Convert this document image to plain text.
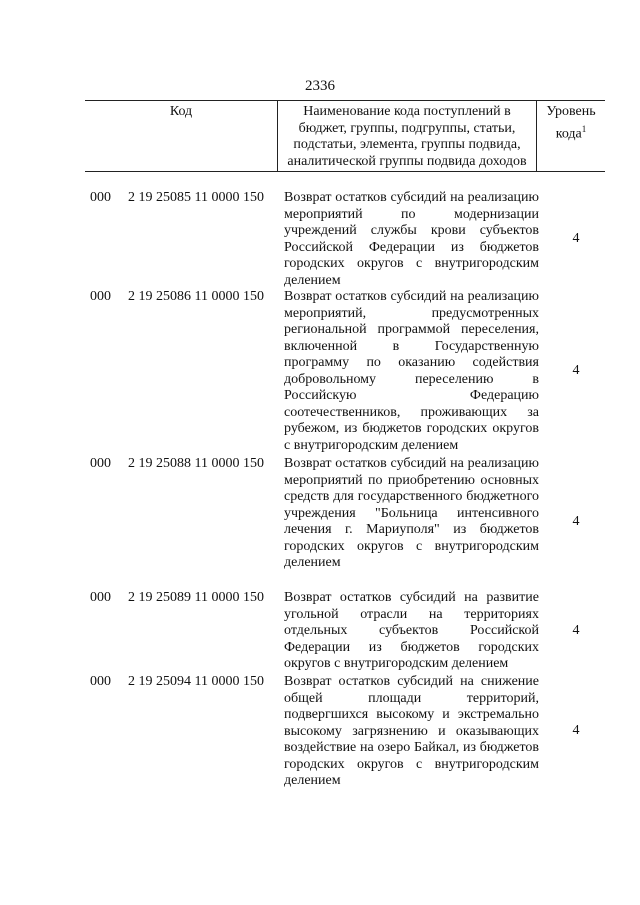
2336
Код	Наименование кода поступлений в бюджет, группы, подгруппы, статьи, подстатьи, элемента, группы подвида, аналитической группы подвида доходов
Уровень кода$^1$
000 2 19 25085 11 0000 150 Возврат остатков субсидий на реализацию мероприятий по модернизации учреждений службы крови субъектов Российской Федерации из бюджетов городских округов с внутригородским делением
4
000 2 19 25086 11 0000 150 Возврат остатков субсидий на реализацию мероприятий, предусмотренных региональной программой переселения, включенной в Государственную программу по оказанию содействия добровольному переселению в Российскую Федерацию соотечественников, проживающих за рубежом, из бюджетов городских округов с внутригородским делением
4
000 2 19 25088 11 0000 150 Возврат остатков субсидий на реализацию мероприятий по приобретению основных средств для государственного бюджетного учреждения "Больница интенсивного лечения г. Мариуполя" из бюджетов городских округов с внутригородским делением
4
000 2 19 25089 11 0000 150 Возврат остатков субсидий на развитие угольной отрасли на территориях отдельных субъектов Российской Федерации из бюджетов городских округов с внутригородским делением
4
000 2 19 25094 11 0000 150 Возврат остатков субсидий на снижение общей площади территорий, подвергшихся высокому и экстремально высокому загрязнению и оказывающих воздействие на озеро Байкал, из бюджетов городских округов с внутригородским делением
4
